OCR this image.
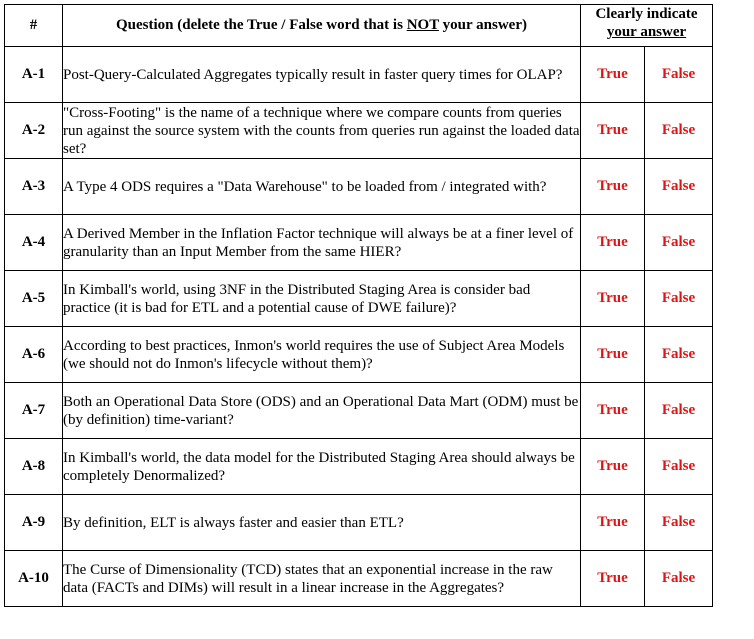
#	Question (delete the True / False word that is NOT your answer)	Clearly indicate
your answer	

A-1	Post-Query-Calculated Aggregates typically result in faster query times for OLAP?	True	False
A-2	"Cross-Footing" is the name of a technique where we compare counts from queries run against the source system with the counts from queries run against the loaded data set?	True	False
A-3	A Type 4 ODS requires a "Data Warehouse" to be loaded from / integrated with?	True	False
A-4	A Derived Member in the Inflation Factor technique will always be at a finer level of granularity than an Input Member from the same HIER?	True	False
A-5	In Kimball's world, using 3NF in the Distributed Staging Area is consider bad practice (it is bad for ETL and a potential cause of DWE failure)?	True	False
A-6	According to best practices, Inmon's world requires the use of Subject Area Models (we should not do Inmon's lifecycle without them)?	True	False
A-7	Both an Operational Data Store (ODS) and an Operational Data Mart (ODM) must be (by definition) time-variant?	True	False
A-8	In Kimball's world, the data model for the Distributed Staging Area should always be completely Denormalized?	True	False
A-9	By definition, ELT is always faster and easier than ETL?	True	False
A-10	The Curse of Dimensionality (TCD) states that an exponential increase in the raw data (FACTs and DIMs) will result in a linear increase in the Aggregates?	True	False
